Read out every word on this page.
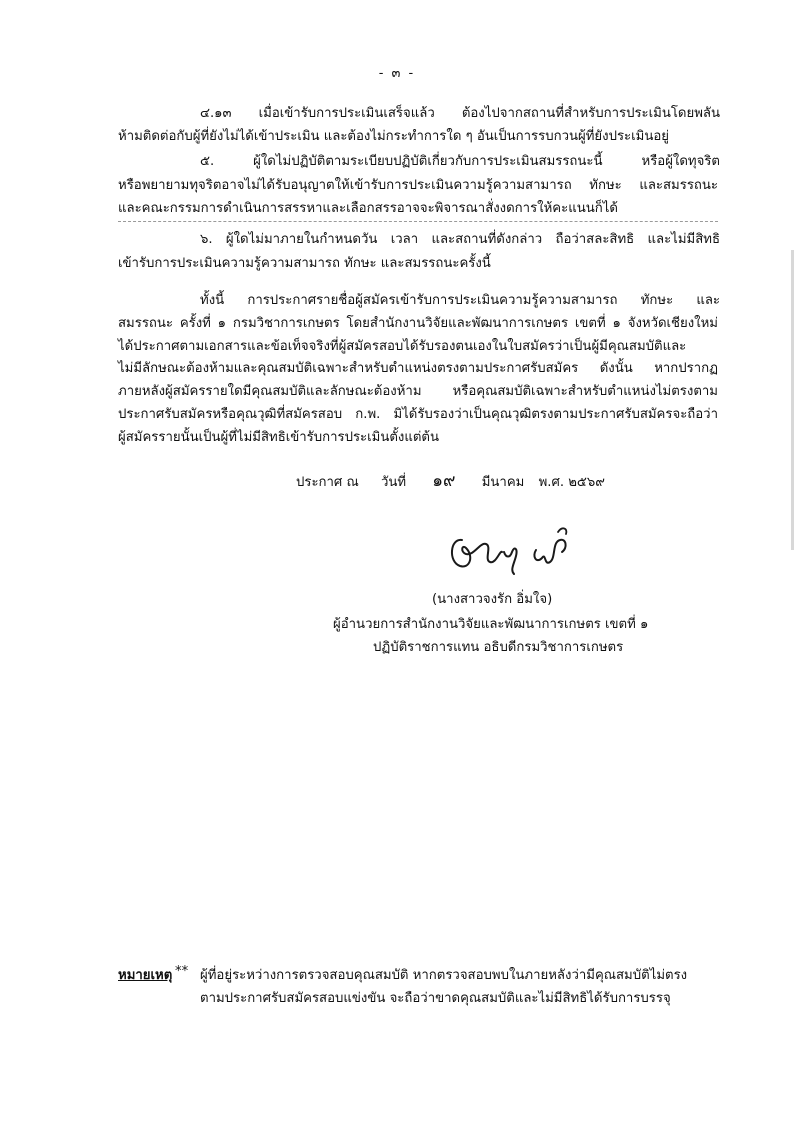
- ๓ -
๔.๑๓ เมื่อเข้ารับการประเมินเสร็จแล้ว ต้องไปจากสถานที่สำหรับการประเมินโดยพลัน
ห้ามติดต่อกับผู้ที่ยังไม่ได้เข้าประเมิน และต้องไม่กระทำการใด ๆ อันเป็นการรบกวนผู้ที่ยังประเมินอยู่
๕. ผู้ใดไม่ปฏิบัติตามระเบียบปฏิบัติเกี่ยวกับการประเมินสมรรถนะนี้ หรือผู้ใดทุจริต
หรือพยายามทุจริตอาจไม่ได้รับอนุญาตให้เข้ารับการประเมินความรู้ความสามารถ ทักษะ และสมรรถนะ
และคณะกรรมการดำเนินการสรรหาและเลือกสรรอาจจะพิจารณาสั่งงดการให้คะแนนก็ได้
๖. ผู้ใดไม่มาภายในกำหนดวัน เวลา และสถานที่ดังกล่าว ถือว่าสละสิทธิ และไม่มีสิทธิ
เข้ารับการประเมินความรู้ความสามารถ ทักษะ และสมรรถนะครั้งนี้
ทั้งนี้ การประกาศรายชื่อผู้สมัครเข้ารับการประเมินความรู้ความสามารถ ทักษะ และ
สมรรถนะ ครั้งที่ ๑ กรมวิชาการเกษตร โดยสำนักงานวิจัยและพัฒนาการเกษตร เขตที่ ๑ จังหวัดเชียงใหม่
ได้ประกาศตามเอกสารและข้อเท็จจริงที่ผู้สมัครสอบได้รับรองตนเองในใบสมัครว่าเป็นผู้มีคุณสมบัติและ
ไม่มีลักษณะต้องห้ามและคุณสมบัติเฉพาะสำหรับตำแหน่งตรงตามประกาศรับสมัคร ดังนั้น หากปรากฏ
ภายหลังผู้สมัครรายใดมีคุณสมบัติและลักษณะต้องห้าม หรือคุณสมบัติเฉพาะสำหรับตำแหน่งไม่ตรงตาม
ประกาศรับสมัครหรือคุณวุฒิที่สมัครสอบ ก.พ. มิได้รับรองว่าเป็นคุณวุฒิตรงตามประกาศรับสมัครจะถือว่า
ผู้สมัครรายนั้นเป็นผู้ที่ไม่มีสิทธิเข้ารับการประเมินตั้งแต่ต้น
ประกาศ ณ วันที่ ๑๙ มีนาคม พ.ศ. ๒๕๖๙
(นางสาวจงรัก อิ่มใจ)
ผู้อำนวยการสำนักงานวิจัยและพัฒนาการเกษตร เขตที่ ๑
ปฏิบัติราชการแทน อธิบดีกรมวิชาการเกษตร
หมายเหตุ ** ผู้ที่อยู่ระหว่างการตรวจสอบคุณสมบัติ หากตรวจสอบพบในภายหลังว่ามีคุณสมบัติไม่ตรง
ตามประกาศรับสมัครสอบแข่งขัน จะถือว่าขาดคุณสมบัติและไม่มีสิทธิได้รับการบรรจุ
